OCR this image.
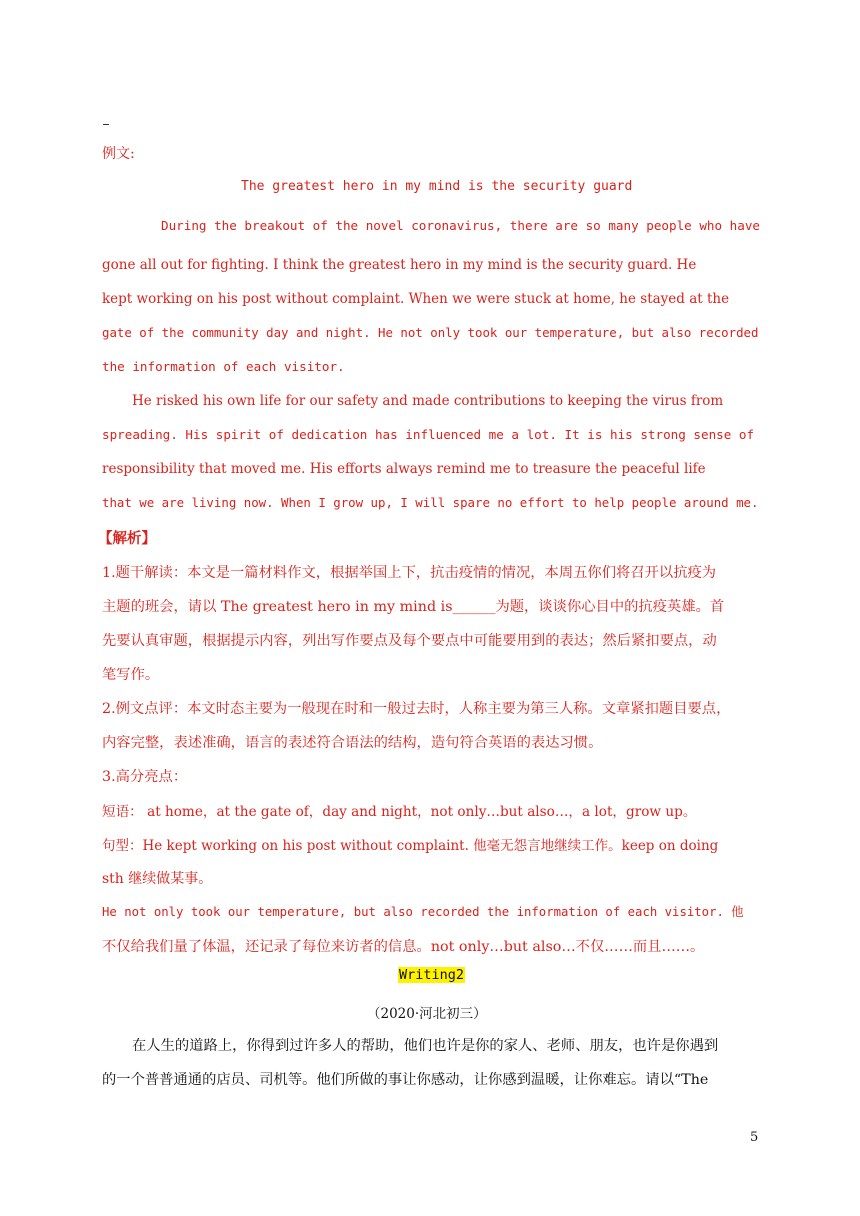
例文:
The greatest hero in my mind is the security guard
During the breakout of the novel coronavirus, there are so many people who have
gone all out for fighting. I think the greatest hero in my mind is the security guard. He
kept working on his post without complaint. When we were stuck at home, he stayed at the
gate of the community day and night. He not only took our temperature, but also recorded
the information of each visitor.
He risked his own life for our safety and made contributions to keeping the virus from
spreading. His spirit of dedication has influenced me a lot. It is his strong sense of
responsibility that moved me. His efforts always remind me to treasure the peaceful life
that we are living now. When I grow up, I will spare no effort to help people around me.
【解析】
1.题干解读：本文是一篇材料作文，根据举国上下，抗击疫情的情况，本周五你们将召开以抗疫为
主题的班会，请以 The greatest hero in my mind is______为题，谈谈你心目中的抗疫英雄。首
先要认真审题，根据提示内容，列出写作要点及每个要点中可能要用到的表达；然后紧扣要点，动
笔写作。
2.例文点评：本文时态主要为一般现在时和一般过去时，人称主要为第三人称。文章紧扣题目要点，
内容完整，表述准确，语言的表述符合语法的结构，造句符合英语的表达习惯。
3.高分亮点：
短语： at home，at the gate of，day and night，not only…but also…，a lot，grow up。
句型：He kept working on his post without complaint. 他毫无怨言地继续工作。keep on doing
sth 继续做某事。
He not only took our temperature, but also recorded the information of each visitor. 他
不仅给我们量了体温，还记录了每位来访者的信息。not only…but also…不仅……而且……。
Writing2
（2020·河北初三）
在人生的道路上，你得到过许多人的帮助，他们也许是你的家人、老师、朋友，也许是你遇到
的一个普普通通的店员、司机等。他们所做的事让你感动，让你感到温暖，让你难忘。请以“The
5
